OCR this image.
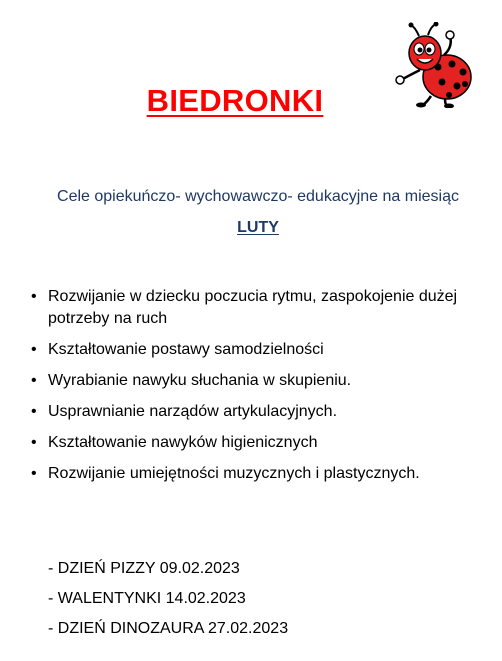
BIEDRONKI
Cele opiekuńczo- wychowawczo- edukacyjne na miesiąc
LUTY
• Rozwijanie w dziecku poczucia rytmu, zaspokojenie dużej potrzeby na ruch
• Kształtowanie postawy samodzielności
• Wyrabianie nawyku słuchania w skupieniu.
• Usprawnianie narządów artykulacyjnych.
• Kształtowanie nawyków higienicznych
• Rozwijanie umiejętności muzycznych i plastycznych.
- DZIEŃ PIZZY 09.02.2023
- WALENTYNKI 14.02.2023
- DZIEŃ DINOZAURA 27.02.2023
